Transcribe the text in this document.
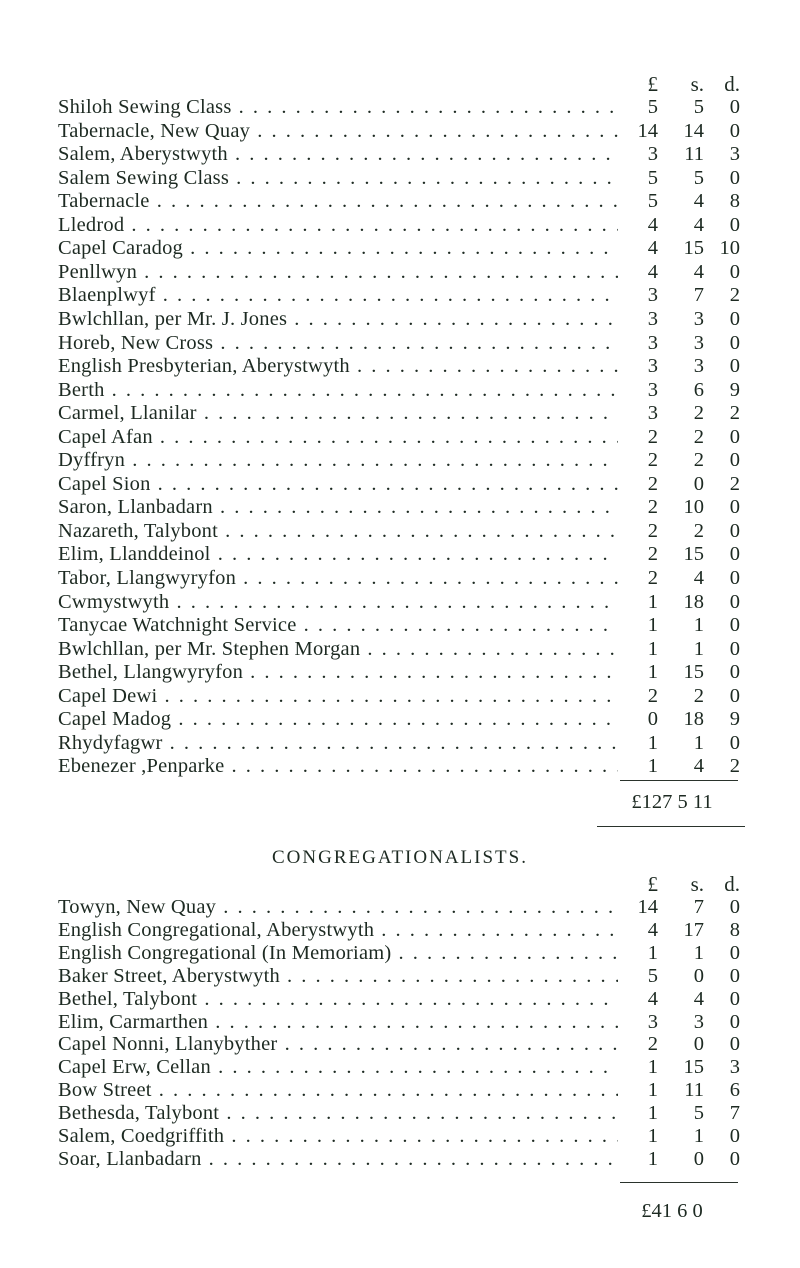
£	s. d.
Shiloh Sewing Class . . .	5	5	0
Tabernacle, New Quay . . .	14	14	0
Salem, Aberystwyth . . .	3	11	3
Salem Sewing Class . . .	5	5	0
Tabernacle . . .	5	4	8
Lledrod . . .	4	4	0
Capel Caradog . . .	4	15 10
Penllwyn . . .	4	4	0
Blaenplwyf . . .	3	7	2
Bwlchllan, per Mr. J. Jones . . .	3	3	0
Horeb, New Cross . . .	3	3	0
English Presbyterian, Aberystwyth . . .	3	3	0
Berth . . .	3	6	9
Carmel, Llanilar . . .	3	2	2
Capel Afan . . .	2	2	0
Dyffryn . . .	2	2	0
Capel Sion . . .	2	0	2
Saron, Llanbadarn . . .	2	10	0
Nazareth, Talybont . . .	2	2	0
Elim, Llanddeinol . . .	2	15	0
Tabor, Llangwyryfon . . .	2	4	0
Cwmystwyth . . .	1	18	0
Tanycae Watchnight Service . . .	1	1	0
Bwlchllan, per Mr. Stephen Morgan . . .	1	1	0
Bethel, Llangwyryfon . . .	1	15	0
Capel Dewi . . .	2	2	0
Capel Madog . . .	0	18	9
Rhydyfagwr . . .	1	1	0
Ebenezer ,Penparke . . .	1	4	2
£127 5 11
CONGREGATIONALISTS.
£	s. d.
Towyn, New Quay . . .	14	7	0
English Congregational, Aberystwyth . . .	4	17	8
English Congregational (In Memoriam) . . .	1	1	0
Baker Street, Aberystwyth . . .	5	0	0
Bethel, Talybont . . .	4	4	0
Elim, Carmarthen . . .	3	3	0
Capel Nonni, Llanybyther . . .	2	0	0
Capel Erw, Cellan . . .	1	15	3
Bow Street . . .	1	11	6
Bethesda, Talybont . . .	1	5	7
Salem, Coedgriffith . . .	1	1	0
Soar, Llanbadarn . . .	1	0	0
£41 6 0
